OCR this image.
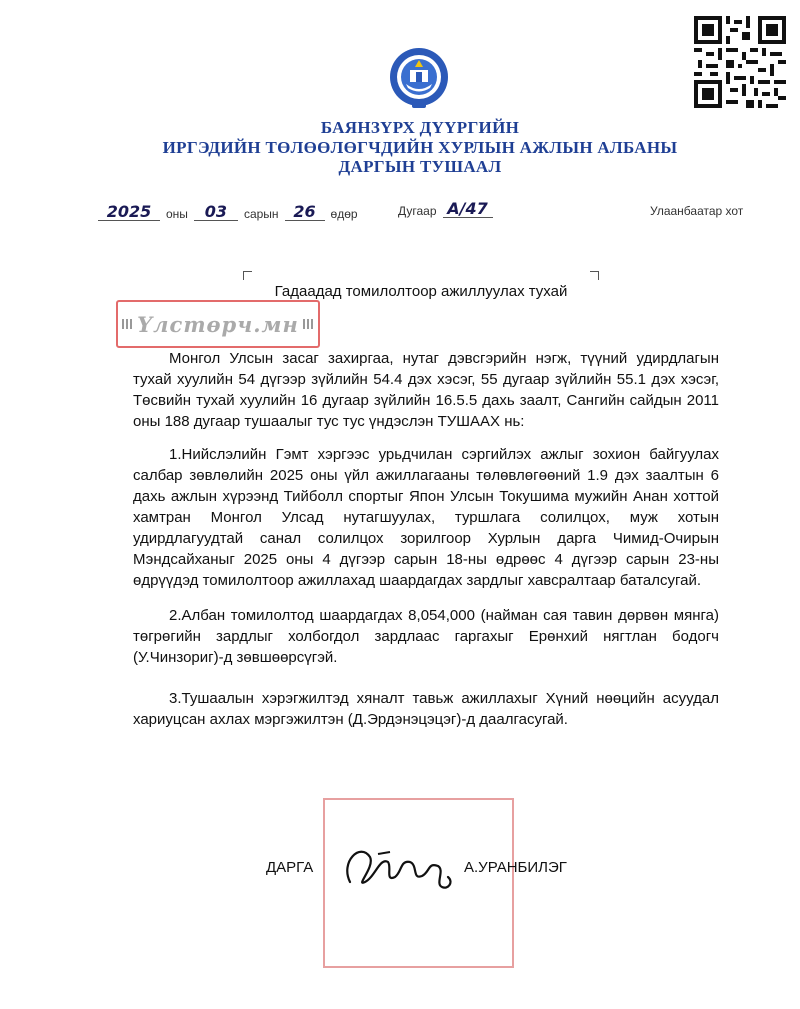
БАЯНЗҮРХ ДҮҮРГИЙН
ИРГЭДИЙН ТӨЛӨӨЛӨГЧДИЙН ХУРЛЫН АЖЛЫН АЛБАНЫ
ДАРГЫН ТУШААЛ
2025	оны	03	сарын 26	өдөр	Дугаар А/47	Улаанбаатар хот
Гадаадад томилолтоор ажиллуулах тухай
Үлстөрч.мн
Монгол Улсын засаг захиргаа, нутаг дэвсгэрийн нэгж, түүний удирдлагын тухай хуулийн 54 дүгээр зүйлийн 54.4 дэх хэсэг, 55 дугаар зүйлийн 55.1 дэх хэсэг, Төсвийн тухай хуулийн 16 дугаар зүйлийн 16.5.5 дахь заалт, Сангийн сайдын 2011 оны 188 дугаар тушаалыг тус тус үндэслэн ТУШААХ нь:
1.Нийслэлийн Гэмт хэргээс урьдчилан сэргийлэх ажлыг зохион байгуулах салбар зөвлөлийн 2025 оны үйл ажиллагааны төлөвлөгөөний 1.9 дэх заалтын 6 дахь ажлын хүрээнд Тийболл спортыг Япон Улсын Токушима мужийн Анан хоттой хамтран Монгол Улсад нутагшуулах, туршлага солилцох, муж хотын удирдлагуудтай санал солилцох зорилгоор Хурлын дарга Чимид-Очирын Мэндсайханыг 2025 оны 4 дүгээр сарын 18-ны өдрөөс 4 дүгээр сарын 23-ны өдрүүдэд томилолтоор ажиллахад шаардагдах зардлыг хавсралтаар баталсугай.
2.Албан томилолтод шаардагдах 8,054,000 (найман сая тавин дөрвөн мянга) төгрөгийн зардлыг холбогдол зардлаас гаргахыг Ерөнхий нягтлан бодогч (У.Чинзориг)-д зөвшөөрсүгэй.
3.Тушаалын хэрэгжилтэд хяналт тавьж ажиллахыг Хүний нөөцийн асуудал хариуцсан ахлах мэргэжилтэн (Д.Эрдэнэцэцэг)-д даалгасугай.
ДАРГА	А.УРАНБИЛЭГ
